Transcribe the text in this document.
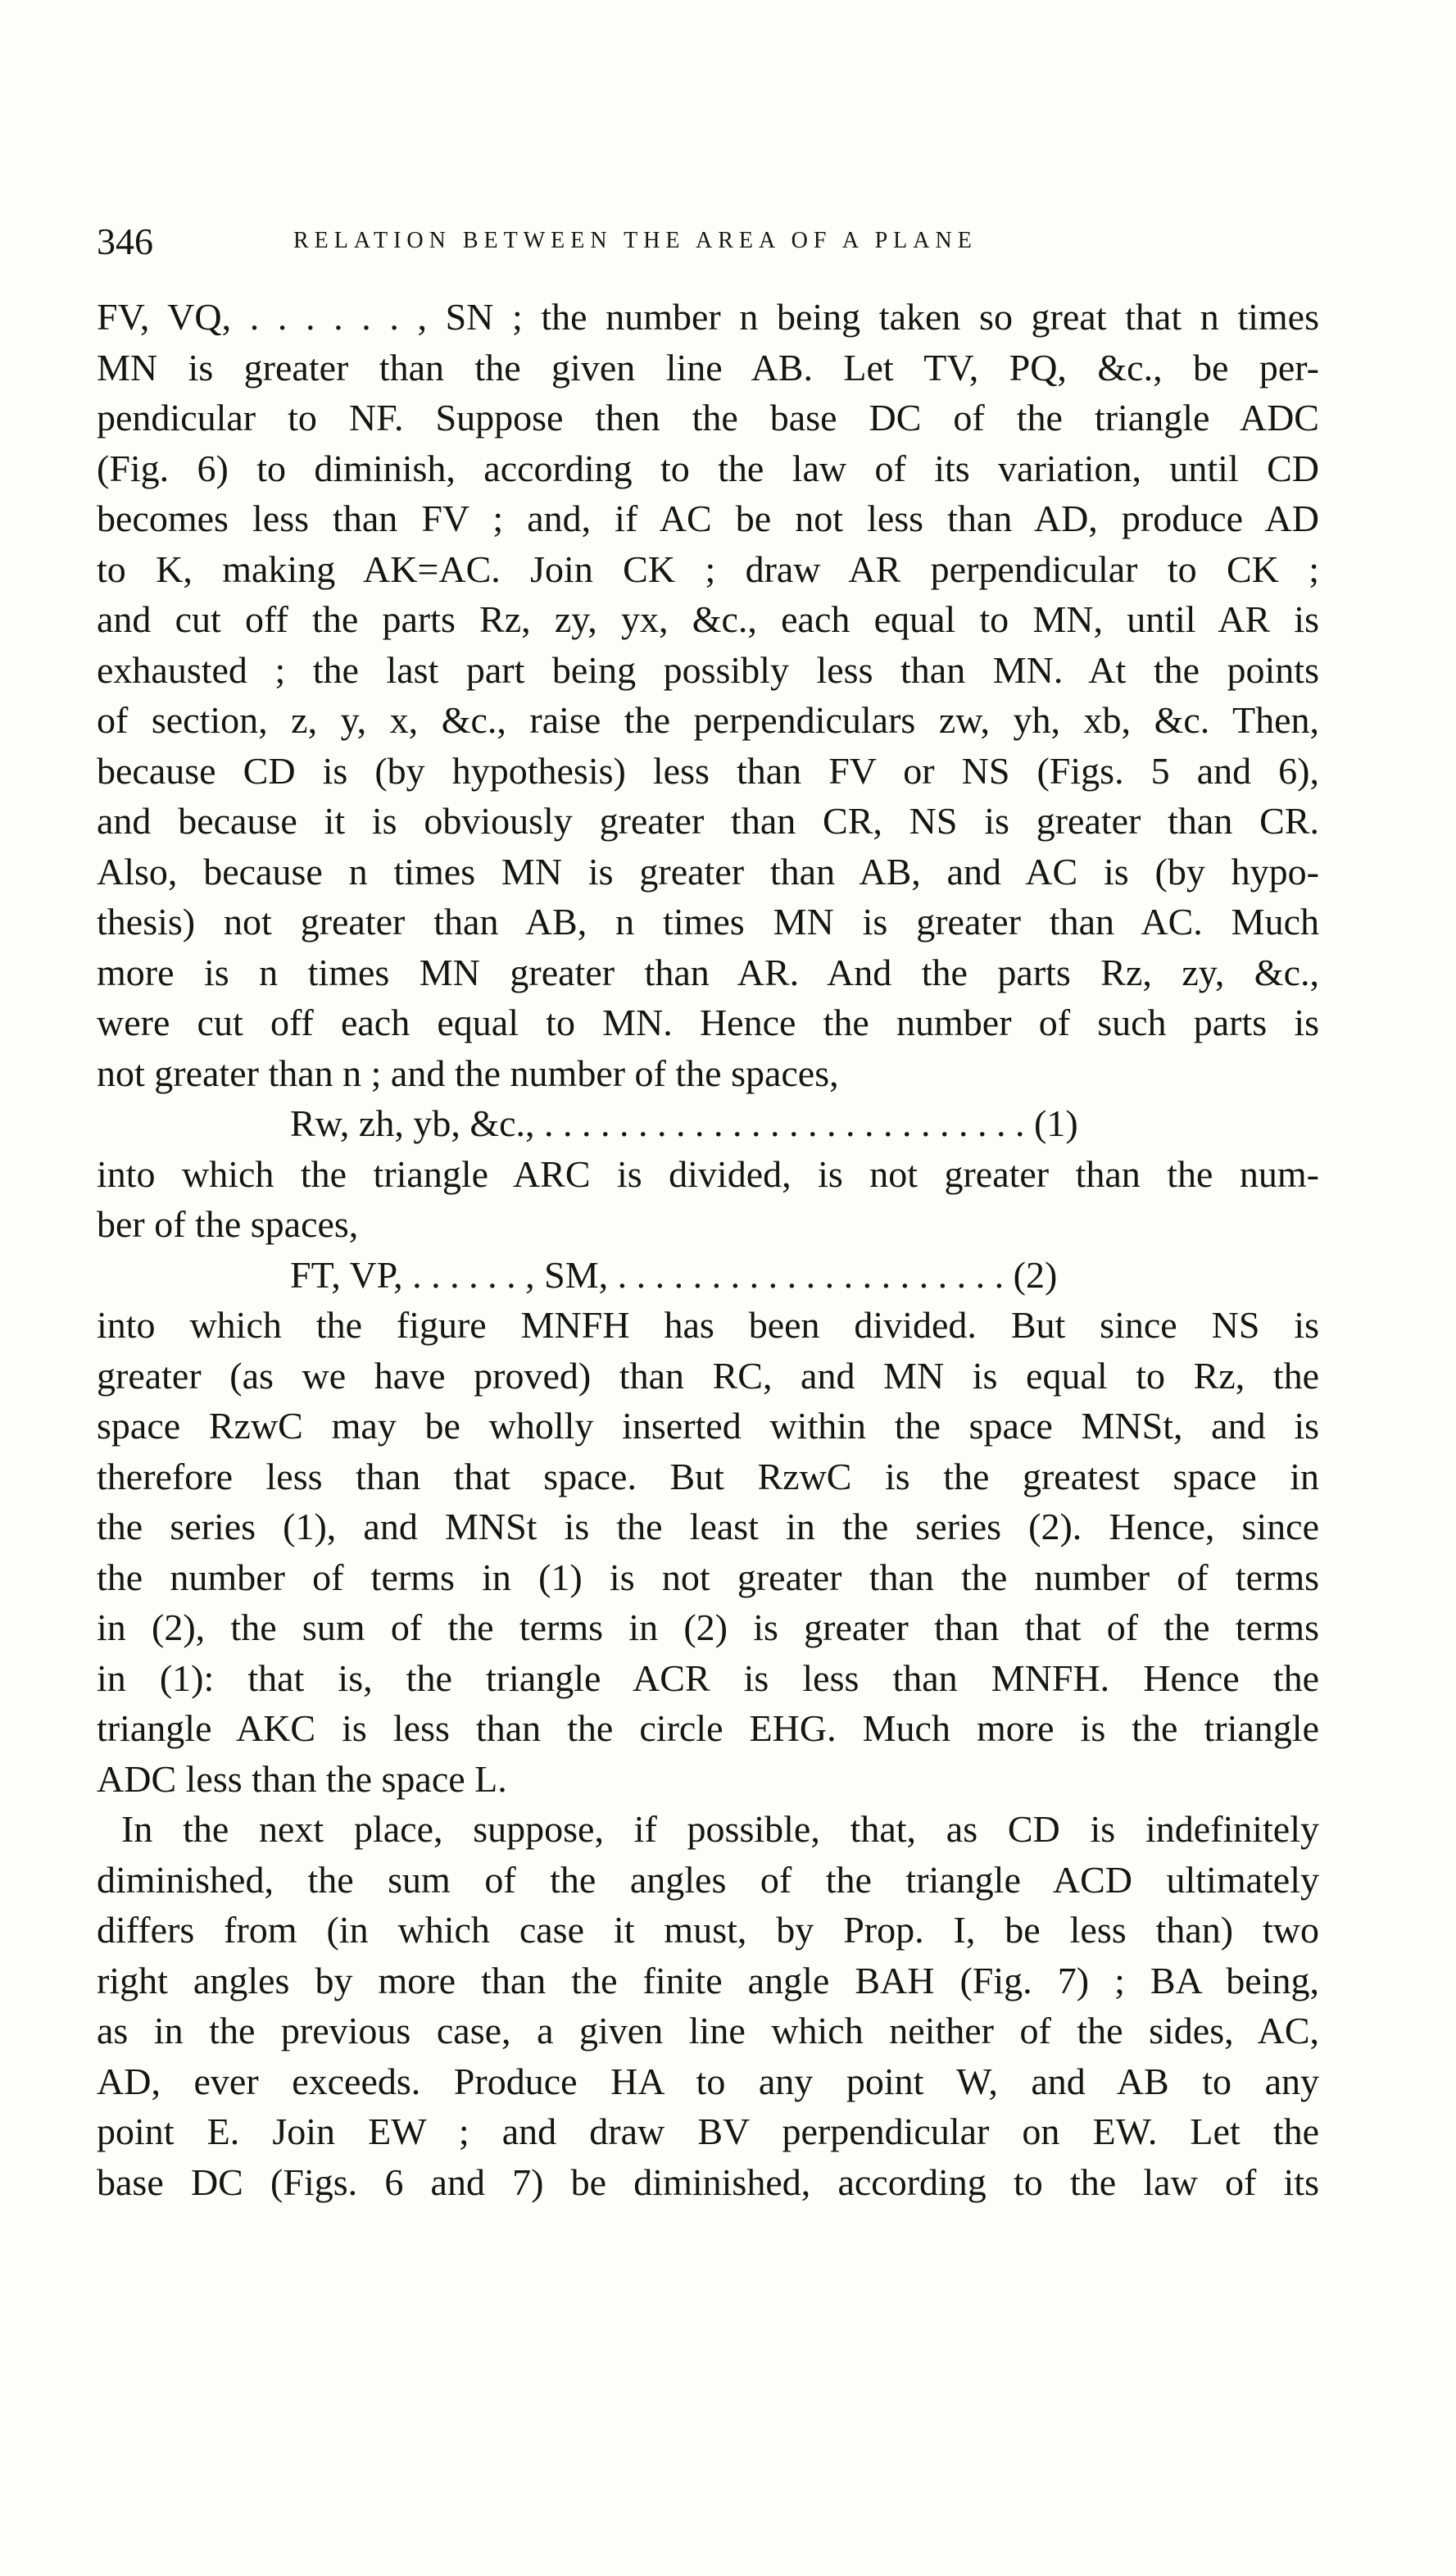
346	RELATION BETWEEN THE AREA OF A PLANE
FV, VQ, . . . . . . , SN ; the number n being taken so great that n times
MN is greater than the given line AB. Let TV, PQ, &c., be per-
pendicular to NF. Suppose then the base DC of the triangle ADC
(Fig. 6) to diminish, according to the law of its variation, until CD
becomes less than FV ; and, if AC be not less than AD, produce AD
to K, making AK=AC. Join CK ; draw AR perpendicular to CK ;
and cut off the parts Rz, zy, yx, &c., each equal to MN, until AR is
exhausted ; the last part being possibly less than MN. At the points
of section, z, y, x, &c., raise the perpendiculars zw, yh, xb, &c. Then,
because CD is (by hypothesis) less than FV or NS (Figs. 5 and 6),
and because it is obviously greater than CR, NS is greater than CR.
Also, because n times MN is greater than AB, and AC is (by hypo-
thesis) not greater than AB, n times MN is greater than AC. Much
more is n times MN greater than AR. And the parts Rz, zy, &c.,
were cut off each equal to MN. Hence the number of such parts is
not greater than n ; and the number of the spaces,
Rw, zh, yb, &c., . . . . . . . . . . . . . . . . . . . . . . . . . . (1)
into which the triangle ARC is divided, is not greater than the num-
ber of the spaces,
FT, VP, . . . . . . , SM, . . . . . . . . . . . . . . . . . . . . . (2)
into which the figure MNFH has been divided. But since NS is
greater (as we have proved) than RC, and MN is equal to Rz, the
space RzwC may be wholly inserted within the space MNSt, and is
therefore less than that space. But RzwC is the greatest space in
the series (1), and MNSt is the least in the series (2). Hence, since
the number of terms in (1) is not greater than the number of terms
in (2), the sum of the terms in (2) is greater than that of the terms
in (1): that is, the triangle ACR is less than MNFH. Hence the
triangle AKC is less than the circle EHG. Much more is the triangle
ADC less than the space L.
In the next place, suppose, if possible, that, as CD is indefinitely
diminished, the sum of the angles of the triangle ACD ultimately
differs from (in which case it must, by Prop. I, be less than) two
right angles by more than the finite angle BAH (Fig. 7) ; BA being,
as in the previous case, a given line which neither of the sides, AC,
AD, ever exceeds. Produce HA to any point W, and AB to any
point E. Join EW ; and draw BV perpendicular on EW. Let the
base DC (Figs. 6 and 7) be diminished, according to the law of its
